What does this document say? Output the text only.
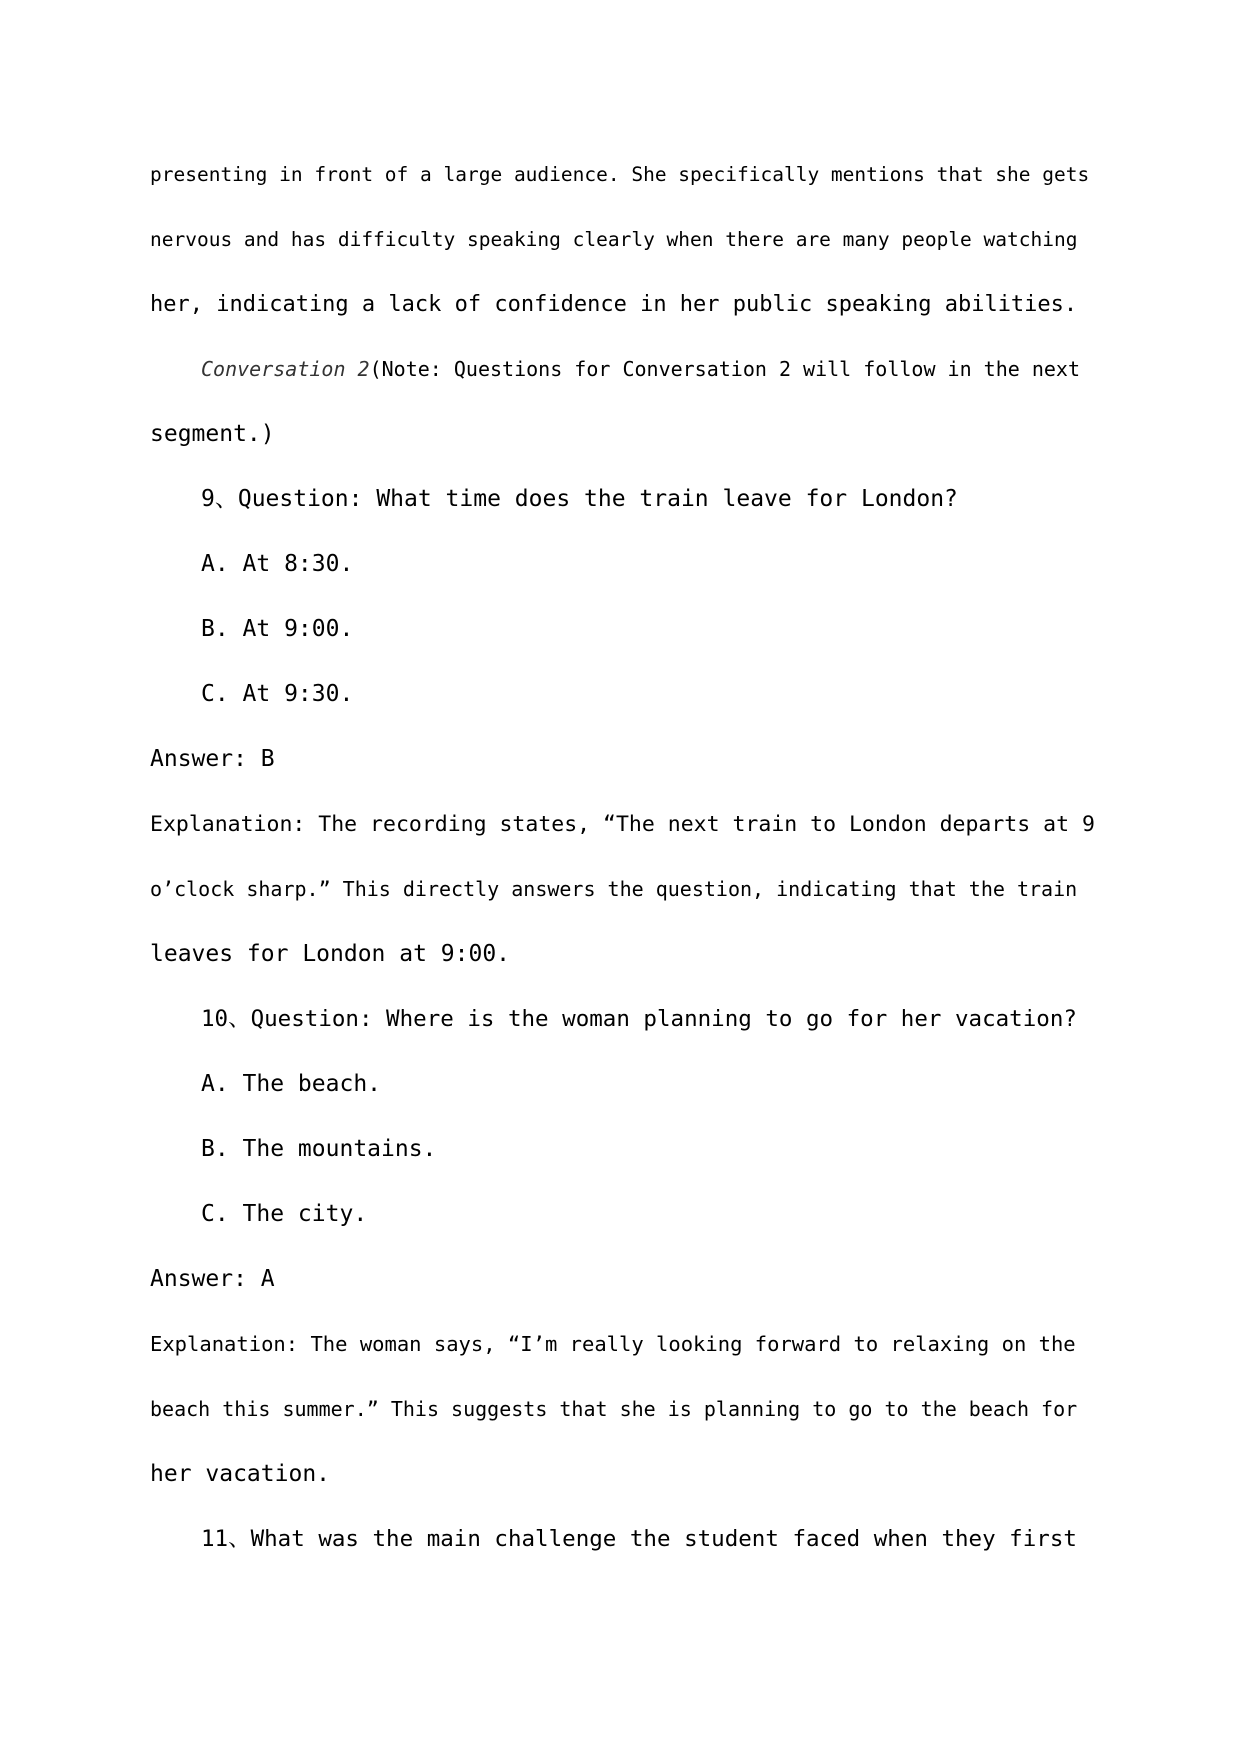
presenting in front of a large audience. She specifically mentions that she gets

nervous and has difficulty speaking clearly when there are many people watching

her, indicating a lack of confidence in her public speaking abilities.

Conversation 2(Note: Questions for Conversation 2 will follow in the next

segment.)

9、Question: What time does the train leave for London?

A. At 8:30.

B. At 9:00.

C. At 9:30.

Answer: B

Explanation: The recording states, “The next train to London departs at 9

o’clock sharp.” This directly answers the question, indicating that the train

leaves for London at 9:00.

10、Question: Where is the woman planning to go for her vacation?

A. The beach.

B. The mountains.

C. The city.

Answer: A

Explanation: The woman says, “I’m really looking forward to relaxing on the

beach this summer.” This suggests that she is planning to go to the beach for

her vacation.

11、What was the main challenge the student faced when they first
